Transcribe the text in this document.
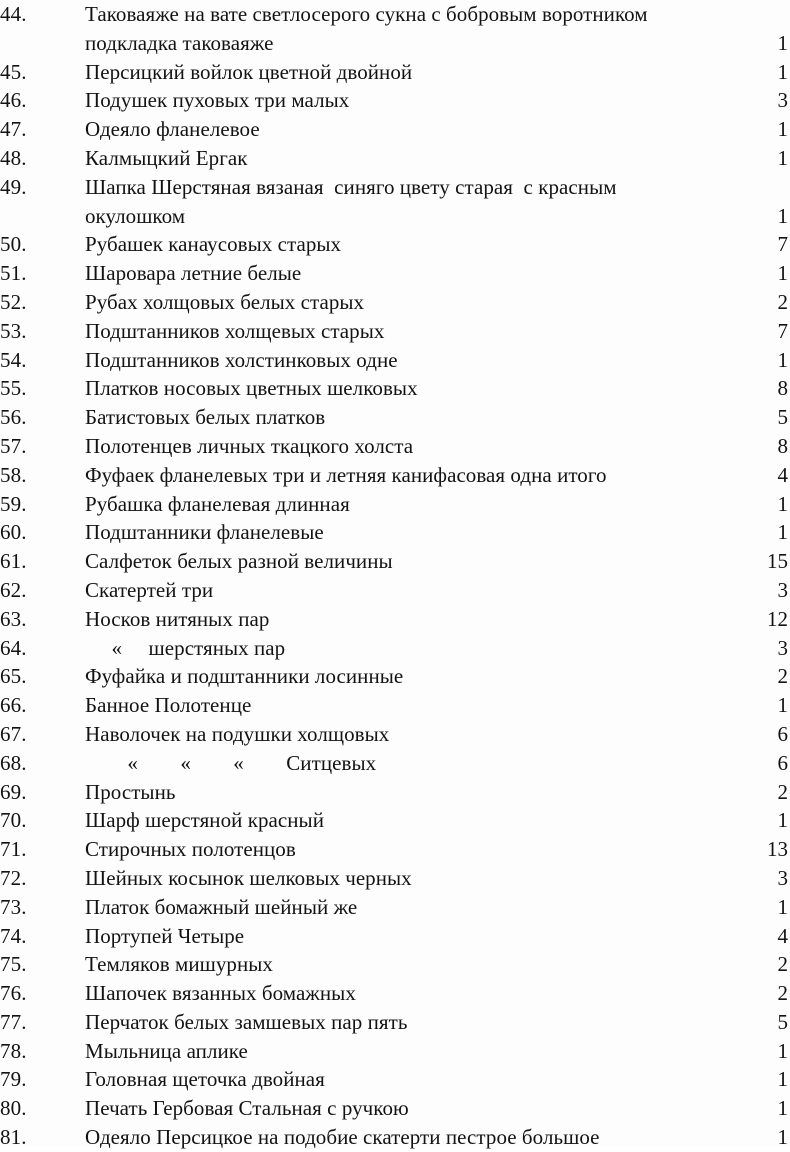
44.	Таковаяже на вате светлосерого сукна с бобровым воротником
подкладка таковаяже	1
45.	Персицкий войлок цветной двойной	1
46.	Подушек пуховых три малых	3
47.	Одеяло фланелевое	1
48.	Калмыцкий Ергак	1
49.	Шапка Шерстяная вязаная  синяго цвету старая  с красным
окулошком	1
50.	Рубашек канаусовых старых	7
51.	Шаровара летние белые	1
52.	Рубах холщовых белых старых	2
53.	Подштанников холщевых старых	7
54.	Подштанников холстинковых одне	1
55.	Платков носовых цветных шелковых	8
56.	Батистовых белых платков	5
57.	Полотенцев личных ткацкого холста	8
58.	Фуфаек фланелевых три и летняя канифасовая одна итого	4
59.	Рубашка фланелевая длинная	1
60.	Подштанники фланелевые	1
61.	Салфеток белых разной величины	15
62.	Скатертей три	3
63.	Носков нитяных пар	12
64.	«     шерстяных пар	3
65.	Фуфайка и подштанники лосинные	2
66.	Банное Полотенце	1
67.	Наволочек на подушки холщовых	6
68.	«        «        «        Ситцевых	6
69.	Простынь	2
70.	Шарф шерстяной красный	1
71.	Стирочных полотенцов	13
72.	Шейных косынок шелковых черных	3
73.	Платок бомажный шейный же	1
74.	Портупей Четыре	4
75.	Темляков мишурных	2
76.	Шапочек вязанных бомажных	2
77.	Перчаток белых замшевых пар пять	5
78.	Мыльница аплике	1
79.	Головная щеточка двойная	1
80.	Печать Гербовая Стальная с ручкою	1
81.	Одеяло Персицкое на подобие скатерти пестрое большое	1
